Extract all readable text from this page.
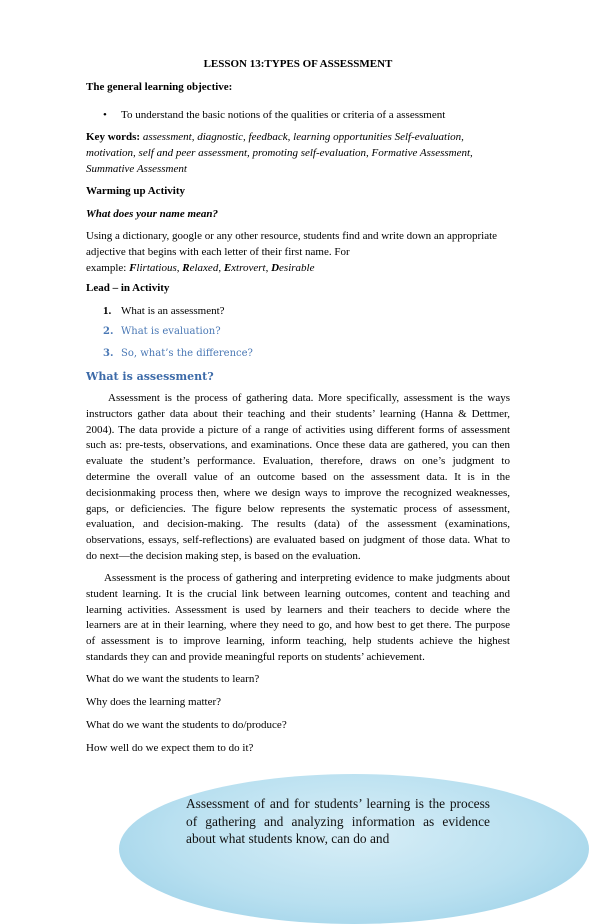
LESSON 13:TYPES OF ASSESSMENT
The general learning objective:
• To understand the basic notions of the qualities or criteria of a assessment
Key words: assessment, diagnostic, feedback, learning opportunities Self-evaluation,
motivation, self and peer assessment, promoting self-evaluation, Formative Assessment,
Summative Assessment
Warming up Activity
What does your name mean?
Using a dictionary, google or any other resource, students find and write down an appropriate
adjective that begins with each letter of their first name. For
example: Flirtatious, Relaxed, Extrovert, Desirable
Lead – in Activity
1. What is an assessment?
2. What is evaluation?
3. So, what’s the difference?
What is assessment?
Assessment is the process of gathering data. More specifically, assessment is the ways instructors gather data about their teaching and their students’ learning (Hanna & Dettmer, 2004). The data provide a picture of a range of activities using different forms of assessment such as: pre-tests, observations, and examinations. Once these data are gathered, you can then evaluate the student’s performance. Evaluation, therefore, draws on one’s judgment to determine the overall value of an outcome based on the assessment data. It is in the decisionmaking process then, where we design ways to improve the recognized weaknesses, gaps, or deficiencies. The figure below represents the systematic process of assessment, evaluation, and decision-making. The results (data) of the assessment (examinations, observations, essays, self-reflections) are evaluated based on judgment of those data. What to do next—the decision making step, is based on the evaluation.
Assessment is the process of gathering and interpreting evidence to make judgments about student learning. It is the crucial link between learning outcomes, content and teaching and learning activities. Assessment is used by learners and their teachers to decide where the learners are at in their learning, where they need to go, and how best to get there. The purpose of assessment is to improve learning, inform teaching, help students achieve the highest standards they can and provide meaningful reports on students’ achievement.
What do we want the students to learn?
Why does the learning matter?
What do we want the students to do/produce?
How well do we expect them to do it?
Assessment of and for students’ learning is the process of gathering and analyzing information as evidence about what students know, can do and
